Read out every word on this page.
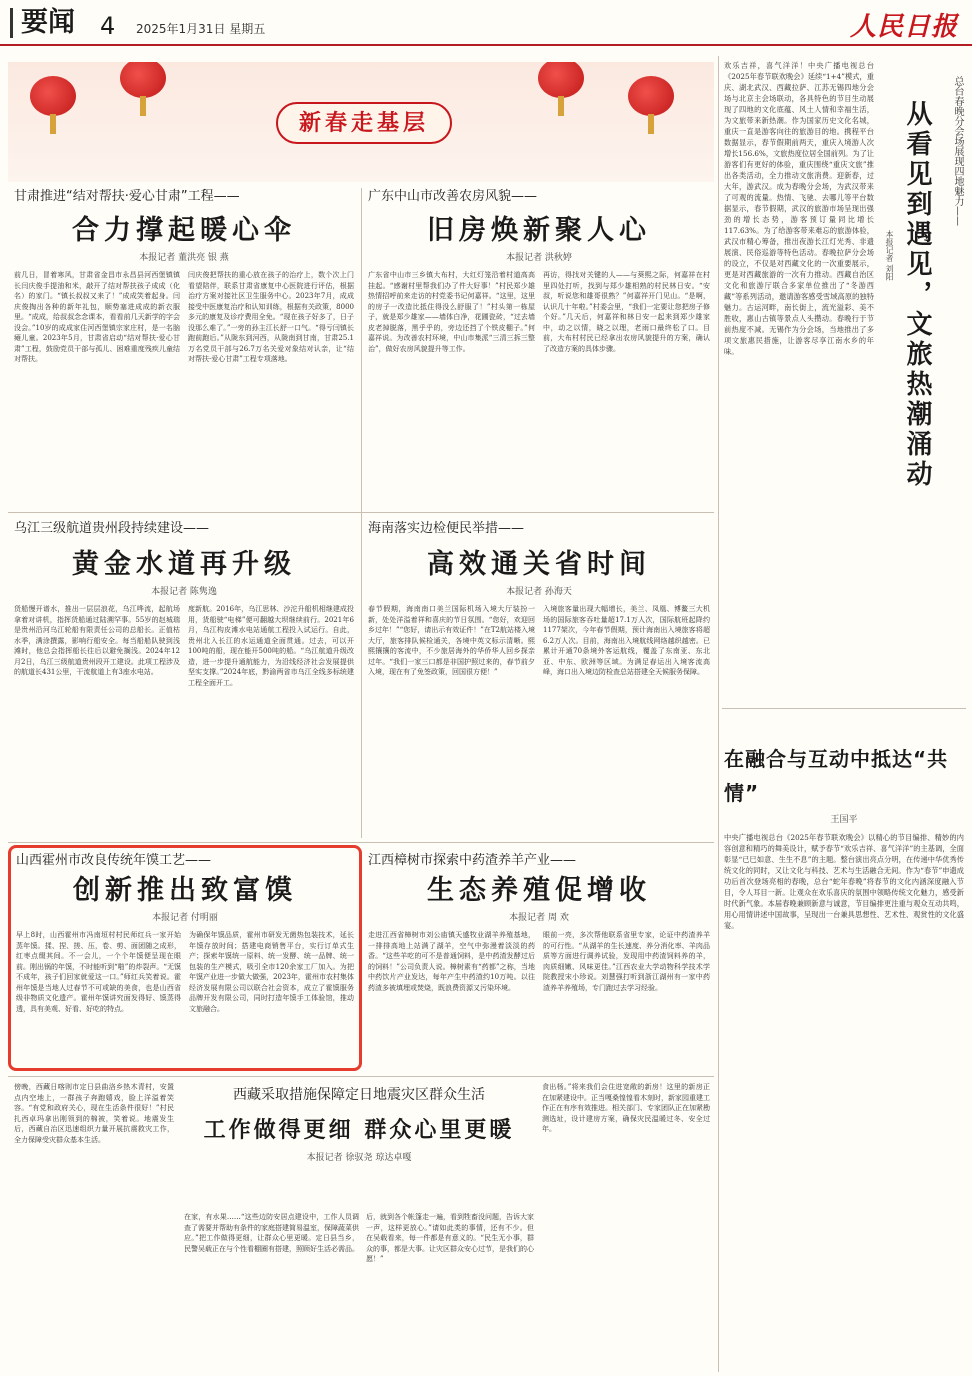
要闻 4 2025年1月31日 星期五	人民日报
新春走基层
甘肃推进“结对帮扶·爱心甘肃”工程——
合力撑起暖心伞
本报记者 董洪亮 银 燕
前几日，冒着寒风，甘肃省金昌市永昌县河西堡镇镇长闫庆俊手提油和米，敲开了结对帮扶孩子成成（化名）的家门。“镇长叔叔又来了！”成成笑着起身。闫庆俊掏出各种的新年礼包，顺势塞进成成的新衣服里。“成成，给叔叔念念课本，看看前几天新学的字会没会。”10岁的成成家住河西堡镇宗家庄村，是一名脑瘫儿童。2023年5月，甘肃省启动“结对帮扶·爱心甘肃”工程，鼓励党员干部与孤儿、困难重度残疾儿童结对帮扶。
闫庆俊把帮扶的重心放在孩子的治疗上，数个次上门看望陪伴，联系甘肃省康复中心医院进行评估，根据治疗方案对接社区卫生服务中心。2023年7月，成成接受中医康复治疗和认知训练，根据有关政策，8000多元的康复及诊疗费用全免。“现在孩子好多了，日子没那么难了。”一旁的孙主江长舒一口气。“得亏闫镇长跑前跑后。”从陇东到河西，从陇南到甘南，甘肃25.1万名党员干部与26.7万名关爱对象结对认亲，让“结对帮扶·爱心甘肃”工程专项落地。
广东中山市改善农房风貌——
旧房焕新聚人心
本报记者 洪秋婷
广东省中山市三乡镇大布村，大红灯笼沿着村道高高挂起。“感谢村里帮我们办了件大好事！”村民郑少雄热情招呼前来走访的村党委书记何嘉祥。“这里，这里的房子一改造比抵住得没么舒服了！”村头第一栋屋子，就是郑少雄家——墙体白净，花圃瓷砖，“过去墙皮老掉脱落，黑乎乎的，旁边还挡了个铁皮棚子。”何嘉祥说。为改善农村环境，中山市集派“三清三拆三整治”，做好农房风貌提升等工作。
再访，得找对关键的人——与葵熙之际，何嘉祥在村里四处打听，找到与郑少雄相熟的村民林日安。“安叔，听说您和雄哥很熟？”何嘉祥开门见山。“是啊，认识几十年啦。”村委会里，“我们一定要让您把房子修个好。”几天后，何嘉祥和林日安一起来到郑少雄家中，动之以情，晓之以理，老雨口最终松了口。目前，大布村村民已经拿出农房风貌提升的方案，确认了改造方案的具体步骤。
乌江三级航道贵州段持续建设——
黄金水道再升级
本报记者 陈隽逸
货船慢开谱水，推出一层层浪花，乌江哗流，起航场拿着对讲机，指挥货船通过陆溯罕事。55岁的赵城瑞是贵州沿河乌江轮船有限责任公司的总船长。正值枯水季，满涂撰露，影响行船安全。每当船船队驶到浅滩时，他总会指挥船长往后以避免搁浅。2024年12月2日，乌江三级航道贵州段开工建设。此项工程涉及的航道长431公里，干流航道上有3座水电站。
度新航。2016年，乌江思林、沙沱升船机相继建成投用，货船驶“电梯”便可翻越大坝继续前行。2021年6月，乌江构皮滩水电站通航工程投入试运行。自此，贵州北入长江的水运通道全面贯通。过去，可以开100吨的船，现在能开500吨的船。“乌江航道升级改造，进一步提升通航能力，为沿线经济社会发展提供坚实支撑。”2024年底，黔渝两省市乌江全线多标统建工程全面开工。
海南落实边检便民举措——
高效通关省时间
本报记者 孙海天
春节假期，海南南口美兰国际机场入境大厅装扮一新，处处洋溢着祥和喜庆的节日氛围。“您好，欢迎回乡过年！”“您好，请出示有效证件！”在T2航站楼入境大厅，旅客排队候检通关，各境中英文标示清晰。熙熙攘攘的客流中，不少旅居海外的华侨华人回乡探亲过年。“我们一家三口都是非国护照过来的，春节前夕入境，现在有了免签政策，回国很方便！”
入境旅客量出现大幅增长，美兰、凤凰、博鳌三大机场的国际旅客吞吐量超17.1万人次，国际航班起降约1177架次，今年春节假期，预计海南出入境旅客将超6.2万人次。目前，海南出入境航线网络越织越密。已累计开通70条境外客运航线，覆盖了东南亚、东北亚、中东、欧洲等区域。为满足春运出入境客流高峰，海口出入境边防检查总站搭建全天候服务保障。
山西霍州市改良传统年馍工艺——
创新推出致富馍
本报记者 付明丽
早上8时，山西霍州市冯南垣村村民师红兵一家开始蒸年馍。揉、捏、搓、压，卷、剪、面团随之成形，红枣点缀其间。不一会儿，一个个年馍便呈现在眼前。刚出锅的年馍，不时能听到“啪”的炸裂声。“无馍不成年，孩子们回家就爱这一口。”师红兵笑着说。霍州年馍是当地人过春节不可或缺的美食，也是山西省级非物质文化遗产。霍州年馍讲究面发得好、馍蒸得透，具有美观、好看、好吃的特点。
为确保年馍品质，霍州市研发无菌热包装技术，延长年馍存放时间；搭建电商销售平台，实行订单式生产；探索年馍统一原料、统一发酵、统一品牌、统一包装的生产模式，吸引全市120余家工厂加入。为把年馍产业进一步做大做强，2023年，霍州市农村集体经济发展有限公司以联合社会资本，成立了霍馍服务品牌开发有限公司，同时打造年馍手工体验馆，推动文旅融合。
江西樟树市探索中药渣养羊产业——
生态养殖促增收
本报记者 周 欢
走进江西省樟树市刘公庙镇天盛牧业湖羊养殖基地，一排排高地上站满了湖羊，空气中弥漫着淡淡的药香。“这些羊吃的可不是普通饲料，是中药渣发酵过后的饲料！”公司负责人说。樟树素有“药都”之称，当地中药饮片产业发达，每年产生中药渣约10万吨。以往药渣多被填埋或焚烧，既浪费资源又污染环境。
眼前一亮，多次帮他联系省里专家，论证中药渣养羊的可行性。“从湖羊的生长速度、养分消化率、羊肉品质等方面进行调养试验，发现用中药渣饲料养的羊，肉质细嫩、风味更佳。”江西农业大学动物科学技术学院教授宋小珍说。刘慧强打听到浙江湖州有一家中药渣养羊养殖场，专门跑过去学习经验。
傍晚，西藏日喀则市定日县曲洛乡热木青村，安置点内空地上，一群孩子奔跑嬉戏，脸上洋溢着笑容。“有党和政府关心，现在生活条件很好！”村民扎西卓玛拿出刚领到的棉被，笑着说。地震发生后，西藏自治区迅速组织力量开展抗震救灾工作，全力保障受灾群众基本生活。
西藏采取措施保障定日地震灾区群众生活
工作做得更细 群众心里更暖
本报记者 徐驭尧 琼达卓嘎
在家，有水果……“这些边防安居点建设中，工作人员调查了需要并帮助有条件的家庭搭建简易温室，保障蔬菜供应。”把工作做得更细，让群众心里更暖。定日县当乡，民警吴载正在与个性看棚圈有搭建，照顾好生活必需品。
后，就到各个帐篷走一遍，看到牲畜没问题，告诉大家一声，这样更放心。”请如此类的事情，还有不少。但在吴载看来，每一件都是有意义的。“民生无小事，群众的事，都是大事。让灾区群众安心过节，是我们的心愿！”
食出杨。”将来我们会住进宽敞的新房！这里的新房正在加紧建设中。正当嘎桑惶惶看木刻时，新家园重建工作正在有序有效推进。相关部门、专家团队正在加紧勘测选址，设计建房方案，确保灾民温暖过冬、安全过年。
总台春晚分会场展现四地魅力——
从看见到遇见，文旅热潮涌动
本报记者 刘阳
欢乐吉祥，喜气洋洋！中央广播电视总台《2025年春节联欢晚会》延续“1+4”模式，重庆、湖北武汉、西藏拉萨、江苏无锡四地分会场与北京主会场联动，各具特色的节目生动展现了四地的文化底蕴、风土人情和幸福生活，为文旅带来新热潮。作为国家历史文化名城，重庆一直是游客向往的旅游目的地。携程平台数据显示，春节假期前两天，重庆入境游人次增长156.6%，文旅热度位居全国前列。为了让游客们有更好的体验，重庆围绕“重庆文旅”推出各类活动，全力推动文旅消费。迎新春，过大年，游武汉。成为春晚分会场，为武汉带来了可观的流量。热情、飞驰、去哪儿等平台数据显示，春节假期，武汉的旅游市场呈现出强劲的增长态势，游客预订量同比增长117.63%。为了给游客带来难忘的旅游体验，武汉市精心筹备，推出夜游长江灯光秀、非遗展演、民俗巡游等特色活动。春晚拉萨分会场的设立，不仅是对西藏文化的一次重要展示，更是对西藏旅游的一次有力推动。西藏自治区文化和旅游厅联合多家单位推出了“冬游西藏”等系列活动，邀请游客感受雪域高原的独特魅力。古运河畔，南长街上，流光溢彩、美不胜收，惠山古镇等景点人头攒动。春晚行于节前热度不减。无锡作为分会场，当地推出了多项文旅惠民措施，让游客尽享江南水乡的年味。
在融合与互动中抵达“共情”
王国平
中央广播电视总台《2025年春节联欢晚会》以精心的节目编排、精妙的内容创意和精巧的舞美设计，赋予春节“欢乐吉祥、喜气洋洋”的主基调，全面彰显“已巳如意、生生不息”的主题。整台演出亮点分明，在传递中华优秀传统文化的同时，又让文化与科技、艺术与生活融合无间。作为“春节”申遗成功后首次登场亮相的春晚，总台“蛇年春晚”将春节的文化内涵深度融入节目，令人耳目一新。让观众在欢乐喜庆的氛围中领略传统文化魅力，感受新时代新气象。本届春晚兼顾新意与诚意，节目编排更注重与观众互动共鸣，用心用情讲述中国故事，呈现出一台兼具思想性、艺术性、观赏性的文化盛宴。
